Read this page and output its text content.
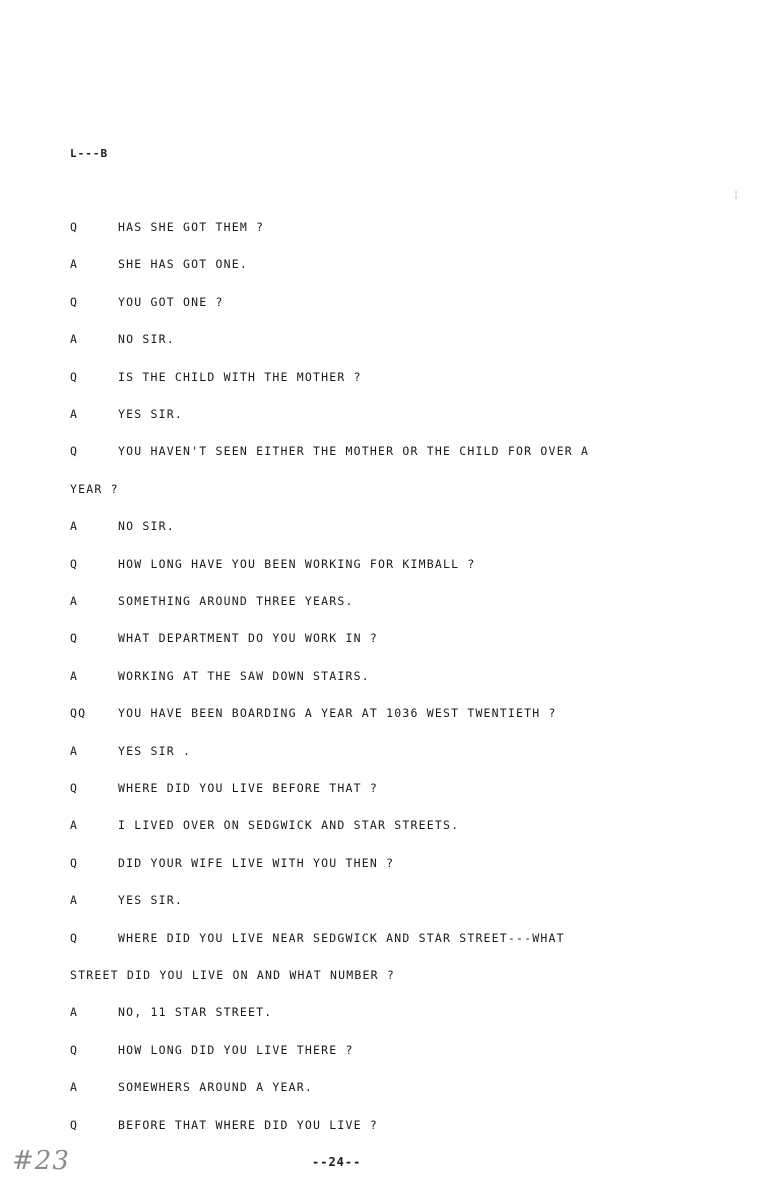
L---B
¦
Q	HAS SHE GOT THEM ?
A	SHE HAS GOT ONE.
Q	YOU GOT ONE ?
A	NO SIR.
Q	IS THE CHILD WITH THE MOTHER ?
A	YES SIR.
Q	YOU HAVEN'T SEEN EITHER THE MOTHER OR THE CHILD FOR OVER A
YEAR ?
A	NO SIR.
Q	HOW LONG HAVE YOU BEEN WORKING FOR KIMBALL ?
A	SOMETHING AROUND THREE YEARS.
Q	WHAT DEPARTMENT DO YOU WORK IN ?
A	WORKING AT THE SAW DOWN STAIRS.
QQ	YOU HAVE BEEN BOARDING A YEAR AT 1036 WEST TWENTIETH ?
A	YES SIR .
Q	WHERE DID YOU LIVE BEFORE THAT ?
A	I LIVED OVER ON SEDGWICK AND STAR STREETS.
Q	DID YOUR WIFE LIVE WITH YOU THEN ?
A	YES SIR.
Q	WHERE DID YOU LIVE NEAR SEDGWICK AND STAR STREET---WHAT
STREET DID YOU LIVE ON AND WHAT NUMBER ?
A	NO, 11 STAR STREET.
Q	HOW LONG DID YOU LIVE THERE ?
A	SOMEWHERS AROUND A YEAR.
Q	BEFORE THAT WHERE DID YOU LIVE ?
#23	--24--
